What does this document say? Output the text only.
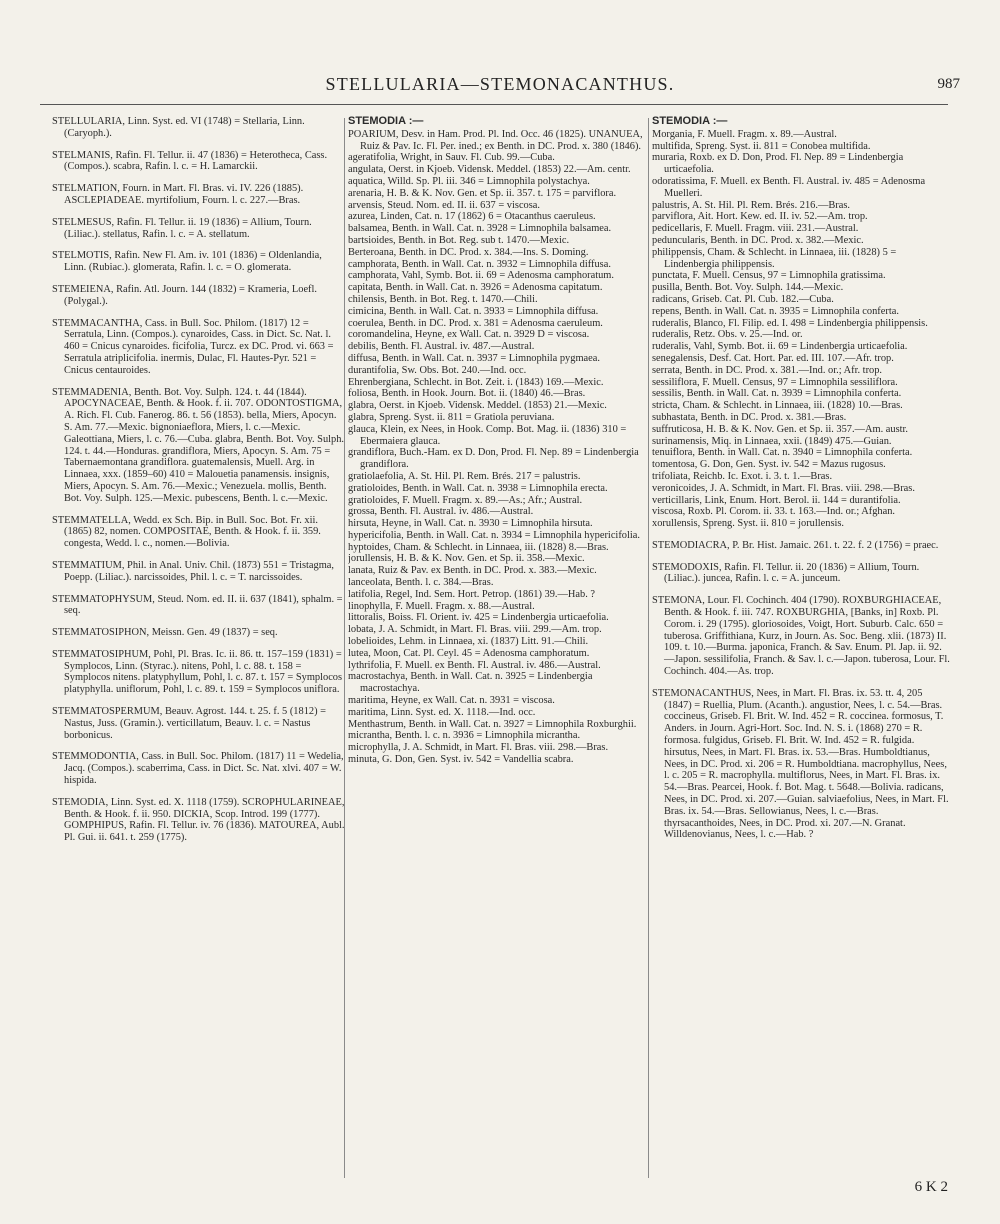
STELLULARIA—STEMONACANTHUS.	987

STELLULARIA, Linn. Syst. ed. VI (1748) = Stellaria, Linn. (Caryoph.).

STELMANIS, Rafin. Fl. Tellur. ii. 47 (1836) = Heterotheca, Cass. (Compos.). scabra, Rafin. l. c. = H. Lamarckii.

STELMATION, Fourn. in Mart. Fl. Bras. vi. IV. 226 (1885). ASCLEPIADEAE. myrtifolium, Fourn. l. c. 227.—Bras.

STELMESUS, Rafin. Fl. Tellur. ii. 19 (1836) = Allium, Tourn. (Liliac.). stellatus, Rafin. l. c. = A. stellatum.

STELMOTIS, Rafin. New Fl. Am. iv. 101 (1836) = Oldenlandia, Linn. (Rubiac.). glomerata, Rafin. l. c. = O. glomerata.

STEMEIENA, Rafin. Atl. Journ. 144 (1832) = Krameria, Loefl. (Polygal.).

STEMMACANTHA, Cass. in Bull. Soc. Philom. (1817) 12 = Serratula, Linn. (Compos.). cynaroides, Cass. in Dict. Sc. Nat. l. 460 = Cnicus cynaroides. ficifolia, Turcz. ex DC. Prod. vi. 663 = Serratula atriplicifolia. inermis, Dulac, Fl. Hautes-Pyr. 521 = Cnicus centauroides.

STEMMADENIA, Benth. Bot. Voy. Sulph. 124. t. 44 (1844). APOCYNACEAE, Benth. & Hook. f. ii. 707. ODONTOSTIGMA, A. Rich. Fl. Cub. Fanerog. 86. t. 56 (1853). bella, Miers, Apocyn. S. Am. 77.—Mexic. bignoniaeflora, Miers, l. c.—Mexic. Galeottiana, Miers, l. c. 76.—Cuba. glabra, Benth. Bot. Voy. Sulph. 124. t. 44.—Honduras. grandiflora, Miers, Apocyn. S. Am. 75 = Tabernaemontana grandiflora. guatemalensis, Muell. Arg. in Linnaea, xxx. (1859–60) 410 = Malouetia panamensis. insignis, Miers, Apocyn. S. Am. 76.—Mexic.; Venezuela. mollis, Benth. Bot. Voy. Sulph. 125.—Mexic. pubescens, Benth. l. c.—Mexic.

STEMMATELLA, Wedd. ex Sch. Bip. in Bull. Soc. Bot. Fr. xii. (1865) 82, nomen. COMPOSITAE, Benth. & Hook. f. ii. 359. congesta, Wedd. l. c., nomen.—Bolivia.

STEMMATIUM, Phil. in Anal. Univ. Chil. (1873) 551 = Tristagma, Poepp. (Liliac.). narcissoides, Phil. l. c. = T. narcissoides.

STEMMATOPHYSUM, Steud. Nom. ed. II. ii. 637 (1841), sphalm. = seq.

STEMMATOSIPHON, Meissn. Gen. 49 (1837) = seq.

STEMMATOSIPHUM, Pohl, Pl. Bras. Ic. ii. 86. tt. 157–159 (1831) = Symplocos, Linn. (Styrac.). nitens, Pohl, l. c. 88. t. 158 = Symplocos nitens. platyphyllum, Pohl, l. c. 87. t. 157 = Symplocos platyphylla. uniflorum, Pohl, l. c. 89. t. 159 = Symplocos uniflora.

STEMMATOSPERMUM, Beauv. Agrost. 144. t. 25. f. 5 (1812) = Nastus, Juss. (Gramin.). verticillatum, Beauv. l. c. = Nastus borbonicus.

STEMMODONTIA, Cass. in Bull. Soc. Philom. (1817) 11 = Wedelia, Jacq. (Compos.). scaberrima, Cass. in Dict. Sc. Nat. xlvi. 407 = W. hispida.

STEMODIA, Linn. Syst. ed. X. 1118 (1759). SCROPHULARINEAE, Benth. & Hook. f. ii. 950. DICKIA, Scop. Introd. 199 (1777). GOMPHIPUS, Rafin. Fl. Tellur. iv. 76 (1836). MATOUREA, Aubl. Pl. Gui. ii. 641. t. 259 (1775).

STEMODIA :—

POARIUM, Desv. in Ham. Prod. Pl. Ind. Occ. 46 (1825). UNANUEA, Ruiz & Pav. Ic. Fl. Per. ined.; ex Benth. in DC. Prod. x. 380 (1846).

ageratifolia, Wright, in Sauv. Fl. Cub. 99.—Cuba.

angulata, Oerst. in Kjoeb. Vidensk. Meddel. (1853) 22.—Am. centr.

aquatica, Willd. Sp. Pl. iii. 346 = Limnophila polystachya.

arenaria, H. B. & K. Nov. Gen. et Sp. ii. 357. t. 175 = parviflora.

arvensis, Steud. Nom. ed. II. ii. 637 = viscosa.

azurea, Linden, Cat. n. 17 (1862) 6 = Otacanthus caeruleus.

balsamea, Benth. in Wall. Cat. n. 3928 = Limnophila balsamea.

bartsioides, Benth. in Bot. Reg. sub t. 1470.—Mexic.

Berteroana, Benth. in DC. Prod. x. 384.—Ins. S. Doming.

camphorata, Benth. in Wall. Cat. n. 3932 = Limnophila diffusa.

camphorata, Vahl, Symb. Bot. ii. 69 = Adenosma camphoratum.

capitata, Benth. in Wall. Cat. n. 3926 = Adenosma capitatum.

chilensis, Benth. in Bot. Reg. t. 1470.—Chili.

cimicina, Benth. in Wall. Cat. n. 3933 = Limnophila diffusa.

coerulea, Benth. in DC. Prod. x. 381 = Adenosma caeruleum.

coromandelina, Heyne, ex Wall. Cat. n. 3929 D = viscosa.

debilis, Benth. Fl. Austral. iv. 487.—Austral.

diffusa, Benth. in Wall. Cat. n. 3937 = Limnophila pygmaea.

durantifolia, Sw. Obs. Bot. 240.—Ind. occ.

Ehrenbergiana, Schlecht. in Bot. Zeit. i. (1843) 169.—Mexic.

foliosa, Benth. in Hook. Journ. Bot. ii. (1840) 46.—Bras.

glabra, Oerst. in Kjoeb. Vidensk. Meddel. (1853) 21.—Mexic.

glabra, Spreng. Syst. ii. 811 = Gratiola peruviana.

glauca, Klein, ex Nees, in Hook. Comp. Bot. Mag. ii. (1836) 310 = Ebermaiera glauca.

grandiflora, Buch.-Ham. ex D. Don, Prod. Fl. Nep. 89 = Lindenbergia grandiflora.

gratiolaefolia, A. St. Hil. Pl. Rem. Brés. 217 = palustris.

gratioloides, Benth. in Wall. Cat. n. 3938 = Limnophila erecta.

gratioloides, F. Muell. Fragm. x. 89.—As.; Afr.; Austral.

grossa, Benth. Fl. Austral. iv. 486.—Austral.

hirsuta, Heyne, in Wall. Cat. n. 3930 = Limnophila hirsuta.

hypericifolia, Benth. in Wall. Cat. n. 3934 = Limnophila hypericifolia.

hyptoides, Cham. & Schlecht. in Linnaea, iii. (1828) 8.—Bras.

jorullensis, H. B. & K. Nov. Gen. et Sp. ii. 358.—Mexic.

lanata, Ruiz & Pav. ex Benth. in DC. Prod. x. 383.—Mexic.

lanceolata, Benth. l. c. 384.—Bras.

latifolia, Regel, Ind. Sem. Hort. Petrop. (1861) 39.—Hab. ?

linophylla, F. Muell. Fragm. x. 88.—Austral.

littoralis, Boiss. Fl. Orient. iv. 425 = Lindenbergia urticaefolia.

lobata, J. A. Schmidt, in Mart. Fl. Bras. viii. 299.—Am. trop.

lobelioides, Lehm. in Linnaea, xi. (1837) Litt. 91.—Chili.

lutea, Moon, Cat. Pl. Ceyl. 45 = Adenosma camphoratum.

lythrifolia, F. Muell. ex Benth. Fl. Austral. iv. 486.—Austral.

macrostachya, Benth. in Wall. Cat. n. 3925 = Lindenbergia macrostachya.

maritima, Heyne, ex Wall. Cat. n. 3931 = viscosa.

maritima, Linn. Syst. ed. X. 1118.—Ind. occ.

Menthastrum, Benth. in Wall. Cat. n. 3927 = Limnophila Roxburghii.

micrantha, Benth. l. c. n. 3936 = Limnophila micrantha.

microphylla, J. A. Schmidt, in Mart. Fl. Bras. viii. 298.—Bras.

minuta, G. Don, Gen. Syst. iv. 542 = Vandellia scabra.

STEMODIA :—

Morgania, F. Muell. Fragm. x. 89.—Austral.

multifida, Spreng. Syst. ii. 811 = Conobea multifida.

muraria, Roxb. ex D. Don, Prod. Fl. Nep. 89 = Lindenbergia urticaefolia.

odoratissima, F. Muell. ex Benth. Fl. Austral. iv. 485 = Adenosma Muelleri.

palustris, A. St. Hil. Pl. Rem. Brés. 216.—Bras.

parviflora, Ait. Hort. Kew. ed. II. iv. 52.—Am. trop.

pedicellaris, F. Muell. Fragm. viii. 231.—Austral.

peduncularis, Benth. in DC. Prod. x. 382.—Mexic.

philippensis, Cham. & Schlecht. in Linnaea, iii. (1828) 5 = Lindenbergia philippensis.

punctata, F. Muell. Census, 97 = Limnophila gratissima.

pusilla, Benth. Bot. Voy. Sulph. 144.—Mexic.

radicans, Griseb. Cat. Pl. Cub. 182.—Cuba.

repens, Benth. in Wall. Cat. n. 3935 = Limnophila conferta.

ruderalis, Blanco, Fl. Filip. ed. I. 498 = Lindenbergia philippensis.

ruderalis, Retz. Obs. v. 25.—Ind. or.

ruderalis, Vahl, Symb. Bot. ii. 69 = Lindenbergia urticaefolia.

senegalensis, Desf. Cat. Hort. Par. ed. III. 107.—Afr. trop.

serrata, Benth. in DC. Prod. x. 381.—Ind. or.; Afr. trop.

sessiliflora, F. Muell. Census, 97 = Limnophila sessiliflora.

sessilis, Benth. in Wall. Cat. n. 3939 = Limnophila conferta.

stricta, Cham. & Schlecht. in Linnaea, iii. (1828) 10.—Bras.

subhastata, Benth. in DC. Prod. x. 381.—Bras.

suffruticosa, H. B. & K. Nov. Gen. et Sp. ii. 357.—Am. austr.

surinamensis, Miq. in Linnaea, xxii. (1849) 475.—Guian.

tenuiflora, Benth. in Wall. Cat. n. 3940 = Limnophila conferta.

tomentosa, G. Don, Gen. Syst. iv. 542 = Mazus rugosus.

trifoliata, Reichb. Ic. Exot. i. 3. t. 1.—Bras.

veronicoides, J. A. Schmidt, in Mart. Fl. Bras. viii. 298.—Bras.

verticillaris, Link, Enum. Hort. Berol. ii. 144 = durantifolia.

viscosa, Roxb. Pl. Corom. ii. 33. t. 163.—Ind. or.; Afghan.

xorullensis, Spreng. Syst. ii. 810 = jorullensis.

STEMODIACRA, P. Br. Hist. Jamaic. 261. t. 22. f. 2 (1756) = praec.

STEMODOXIS, Rafin. Fl. Tellur. ii. 20 (1836) = Allium, Tourn. (Liliac.). juncea, Rafin. l. c. = A. junceum.

STEMONA, Lour. Fl. Cochinch. 404 (1790). ROXBURGHIACEAE, Benth. & Hook. f. iii. 747. ROXBURGHIA, [Banks, in] Roxb. Pl. Corom. i. 29 (1795). gloriosoides, Voigt, Hort. Suburb. Calc. 650 = tuberosa. Griffithiana, Kurz, in Journ. As. Soc. Beng. xlii. (1873) II. 109. t. 10.—Burma. japonica, Franch. & Sav. Enum. Pl. Jap. ii. 92.—Japon. sessilifolia, Franch. & Sav. l. c.—Japon. tuberosa, Lour. Fl. Cochinch. 404.—As. trop.

STEMONACANTHUS, Nees, in Mart. Fl. Bras. ix. 53. tt. 4, 205 (1847) = Ruellia, Plum. (Acanth.). angustior, Nees, l. c. 54.—Bras. coccineus, Griseb. Fl. Brit. W. Ind. 452 = R. coccinea. formosus, T. Anders. in Journ. Agri-Hort. Soc. Ind. N. S. i. (1868) 270 = R. formosa. fulgidus, Griseb. Fl. Brit. W. Ind. 452 = R. fulgida. hirsutus, Nees, in Mart. Fl. Bras. ix. 53.—Bras. Humboldtianus, Nees, in DC. Prod. xi. 206 = R. Humboldtiana. macrophyllus, Nees, l. c. 205 = R. macrophylla. multiflorus, Nees, in Mart. Fl. Bras. ix. 54.—Bras. Pearcei, Hook. f. Bot. Mag. t. 5648.—Bolivia. radicans, Nees, in DC. Prod. xi. 207.—Guian. salviaefolius, Nees, in Mart. Fl. Bras. ix. 54.—Bras. Sellowianus, Nees, l. c.—Bras. thyrsacanthoides, Nees, in DC. Prod. xi. 207.—N. Granat. Willdenovianus, Nees, l. c.—Hab. ?

6 K 2
